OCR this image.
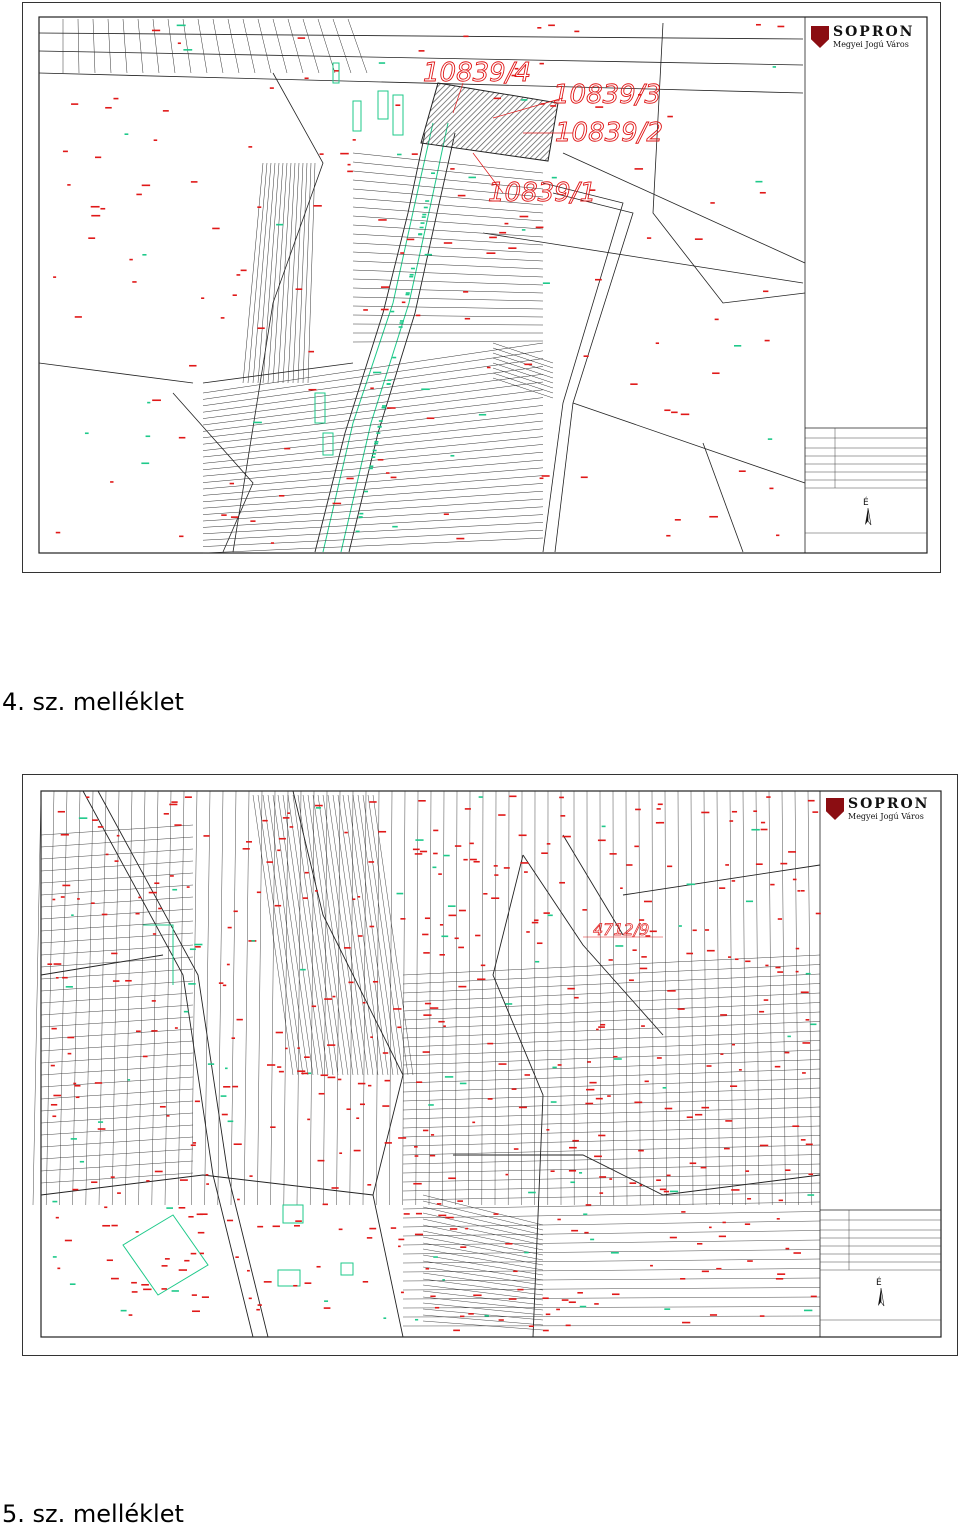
10839/4
10839/3
10839/2
10839/1
É
SOPRON
Megyei Jogú Város
4. sz. melléklet
4712/9
É
SOPRON
Megyei Jogú Város
5. sz. melléklet
